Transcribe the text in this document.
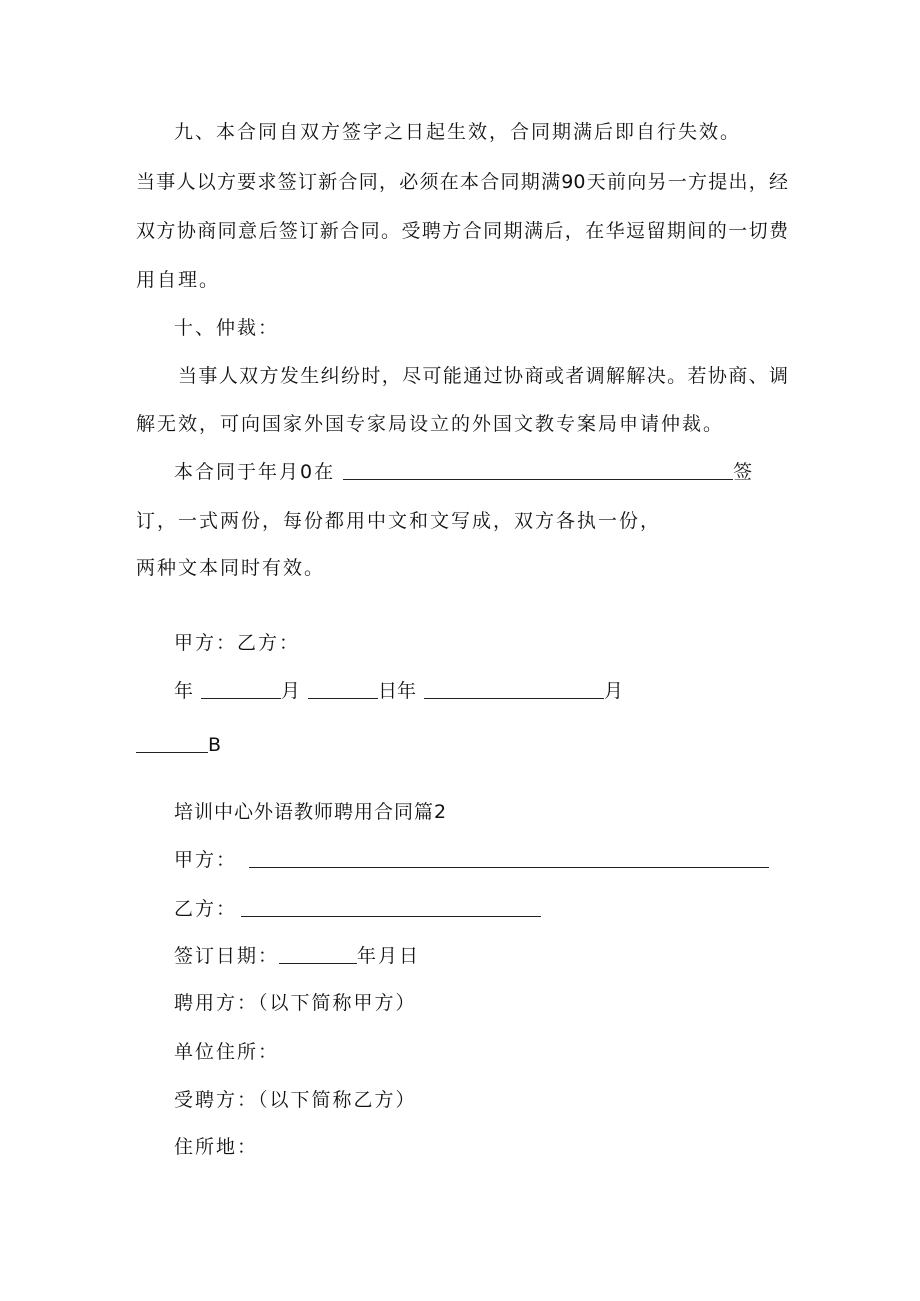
九、本合同自双方签字之日起生效，合同期满后即自行失效。
当事人以方要求签订新合同，必须在本合同期满90天前向另一方提出，经
双方协商同意后签订新合同。受聘方合同期满后，在华逗留期间的一切费
用自理。
十、仲裁：
当事人双方发生纠纷时，尽可能通过协商或者调解解决。若协商、调
解无效，可向国家外国专家局设立的外国文教专案局申请仲裁。
本合同于年月0在	签
订，一式两份，每份都用中文和文写成，双方各执一份，
两种文本同时有效。
甲方：乙方：
年	月	日年	月
B
培训中心外语教师聘用合同篇2
甲方：
乙方：
签订日期：	年月日
聘用方：（以下简称甲方）
单位住所：
受聘方：（以下简称乙方）
住所地：
